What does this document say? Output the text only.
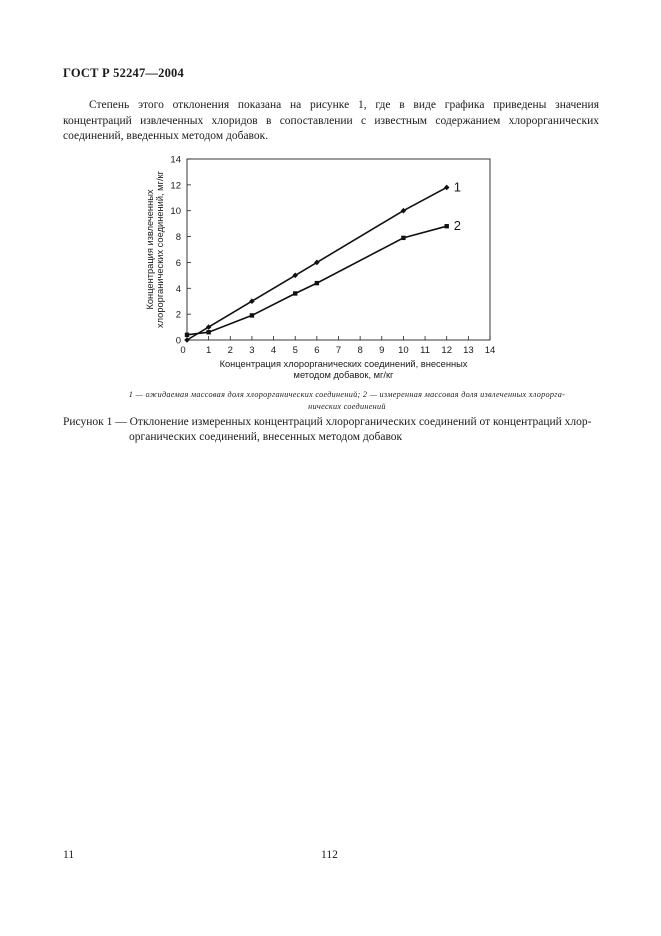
ГОСТ Р 52247—2004
Степень этого отклонения показана на рисунке 1, где в виде графика приведены значения
концентраций извлеченных хлоридов в сопоставлении с известным содержанием хлорорганических
соединений, введенных методом добавок.
0
2
4
6
8
10
12
14
1 2 3 4 5 6 7 8 9 10 11 12 13 14
1
2
0
Концентрация хлорорганических соединений, внесенных
методом добавок, мг/кг
Концентрация извлеченных хлорорганических соединений, мг/кг
1 — ожидаемая массовая доля хлорорганических соединений; 2 — измеренная массовая доля извлеченных хлорорга-
нических соединений
Рисунок 1 — Отклонение измеренных концентраций хлорорганических соединений от концентраций хлор-
органических соединений, внесенных методом добавок
11	112
